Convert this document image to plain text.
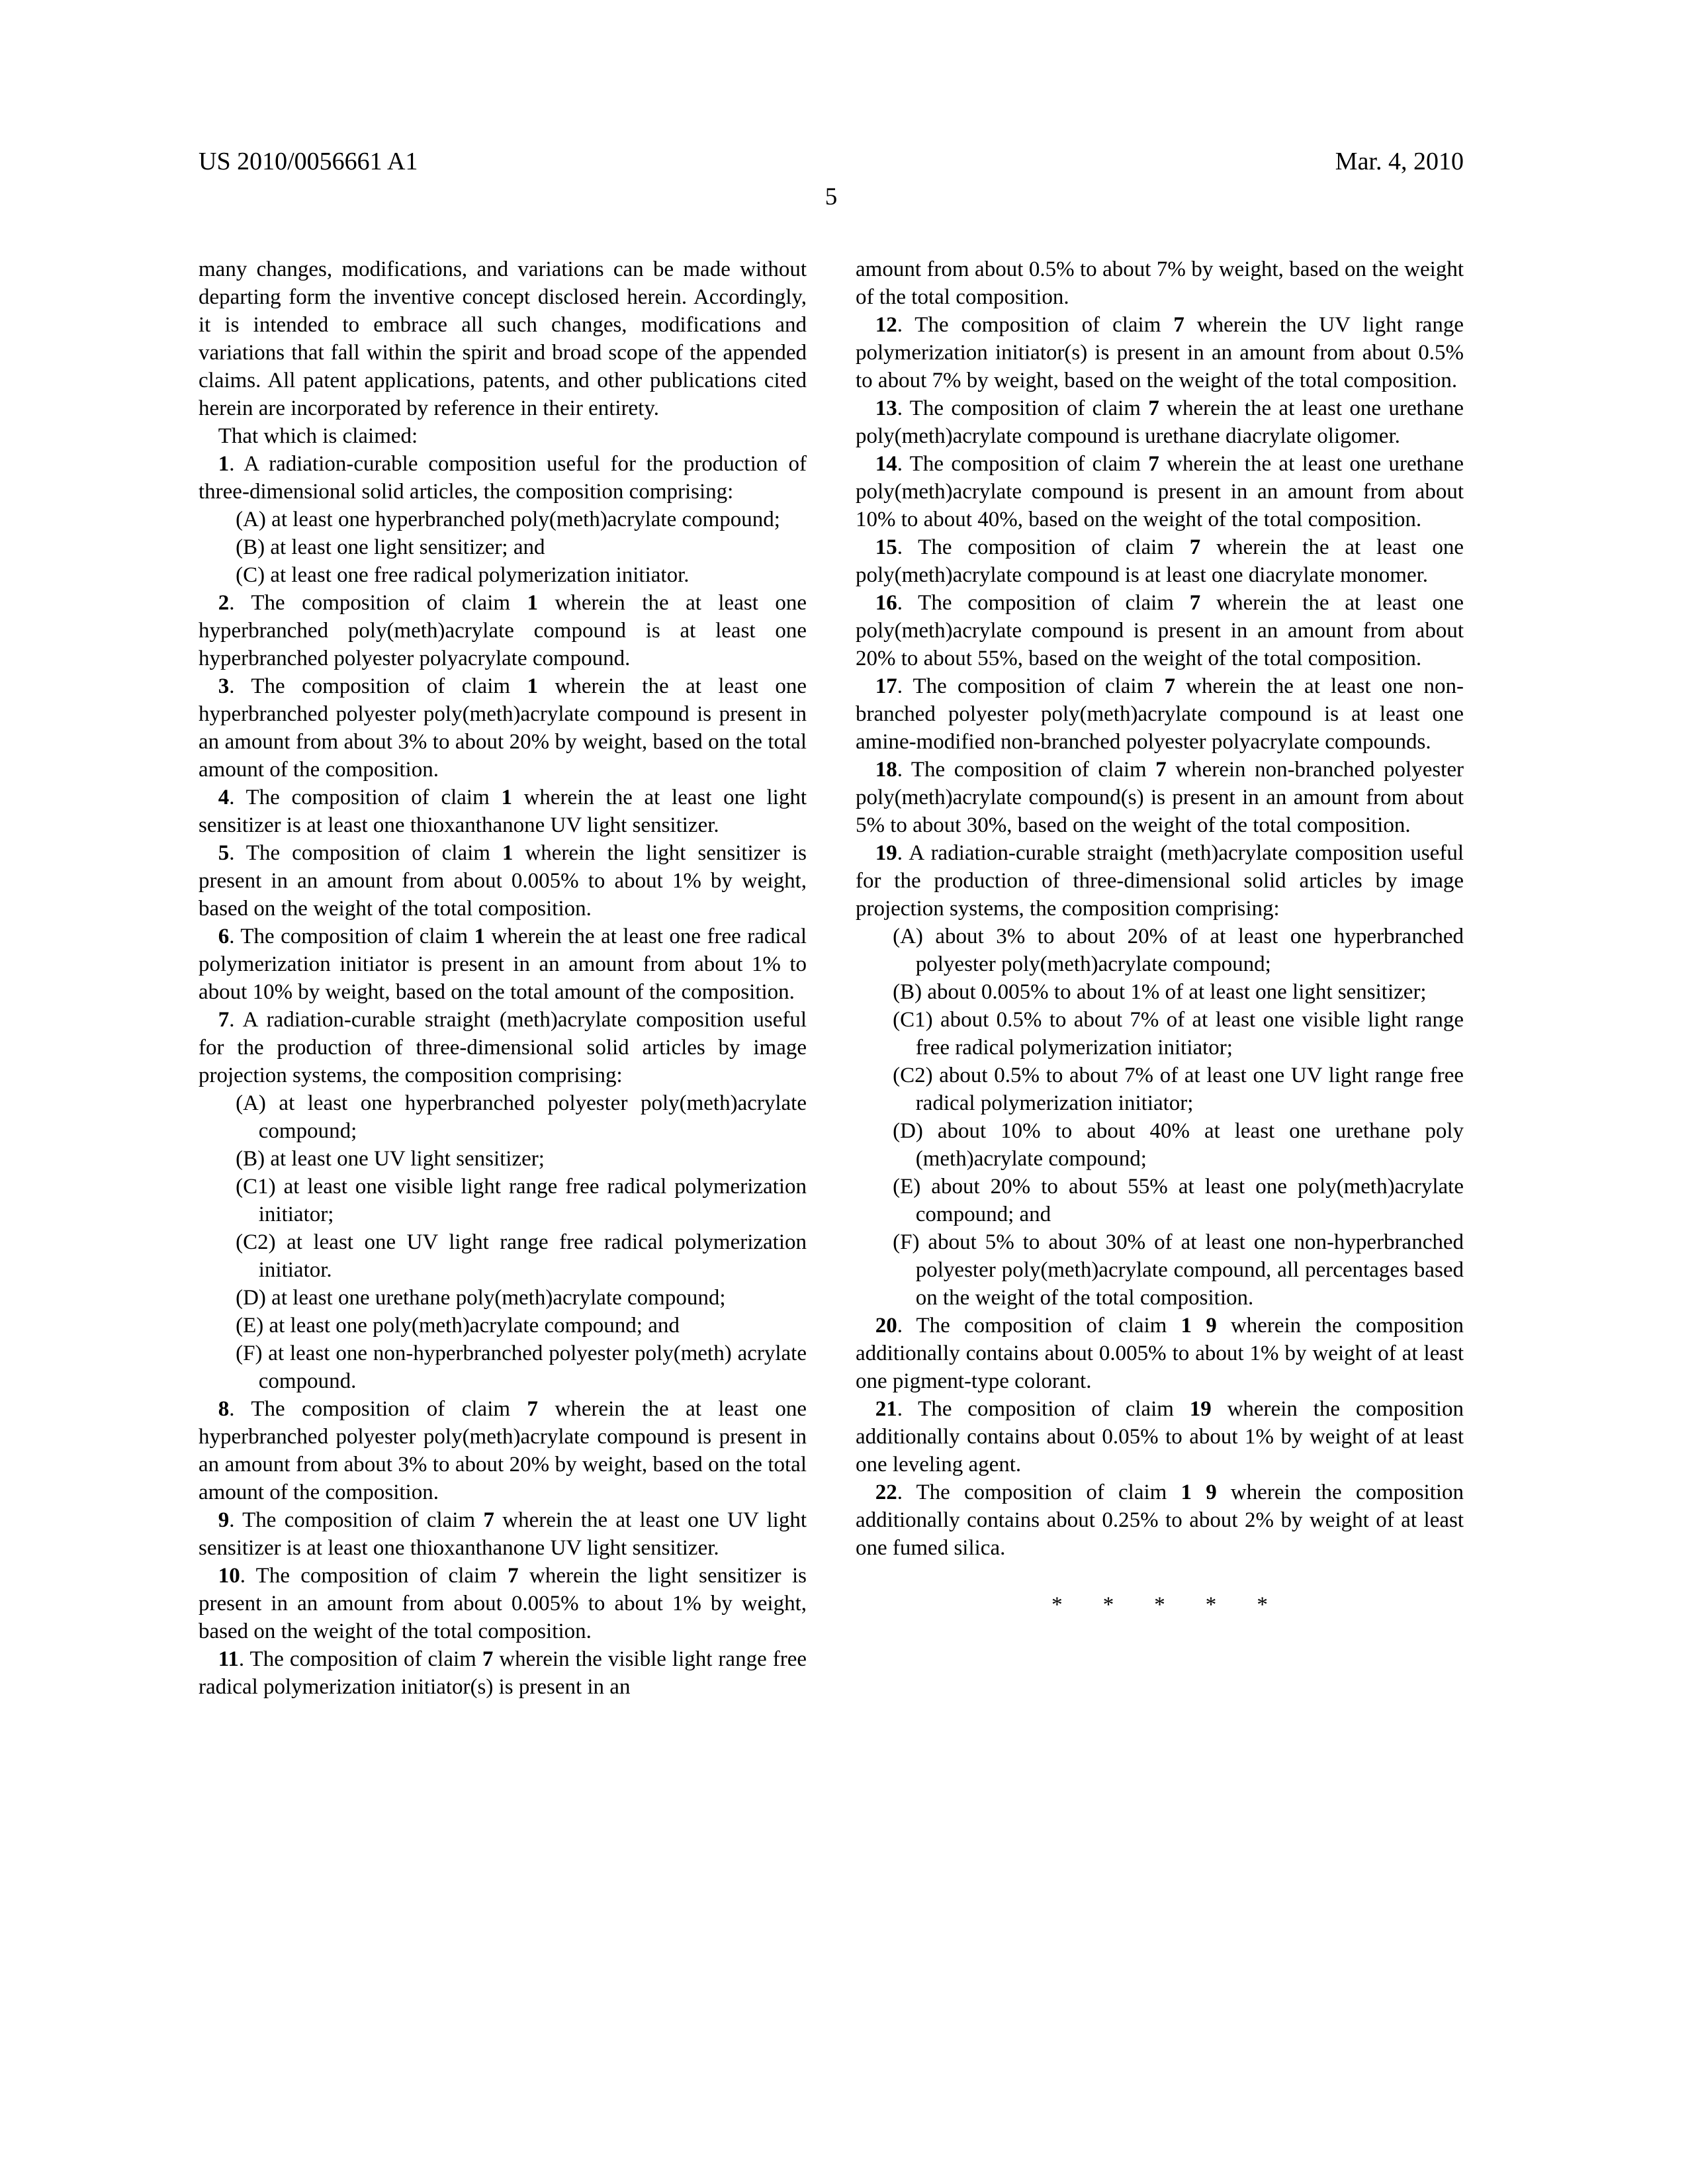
US 2010/0056661 A1	Mar. 4, 2010
5

many changes, modifications, and variations can be made without departing form the inventive concept disclosed herein. Accordingly, it is intended to embrace all such changes, modifications and variations that fall within the spirit and broad scope of the appended claims. All patent applications, patents, and other publications cited herein are incorporated by reference in their entirety.

That which is claimed:

1. A radiation-curable composition useful for the production of three-dimensional solid articles, the composition comprising:

(A) at least one hyperbranched poly(meth)acrylate compound;

(B) at least one light sensitizer; and

(C) at least one free radical polymerization initiator.

2. The composition of claim 1 wherein the at least one hyperbranched poly(meth)acrylate compound is at least one hyperbranched polyester polyacrylate compound.

3. The composition of claim 1 wherein the at least one hyperbranched polyester poly(meth)acrylate compound is present in an amount from about 3% to about 20% by weight, based on the total amount of the composition.

4. The composition of claim 1 wherein the at least one light sensitizer is at least one thioxanthanone UV light sensitizer.

5. The composition of claim 1 wherein the light sensitizer is present in an amount from about 0.005% to about 1% by weight, based on the weight of the total composition.

6. The composition of claim 1 wherein the at least one free radical polymerization initiator is present in an amount from about 1% to about 10% by weight, based on the total amount of the composition.

7. A radiation-curable straight (meth)acrylate composition useful for the production of three-dimensional solid articles by image projection systems, the composition comprising:

(A) at least one hyperbranched polyester poly(meth)acrylate compound;

(B) at least one UV light sensitizer;

(C1) at least one visible light range free radical polymerization initiator;

(C2) at least one UV light range free radical polymerization initiator.

(D) at least one urethane poly(meth)acrylate compound;

(E) at least one poly(meth)acrylate compound; and

(F) at least one non-hyperbranched polyester poly(meth) acrylate compound.

8. The composition of claim 7 wherein the at least one hyperbranched polyester poly(meth)acrylate compound is present in an amount from about 3% to about 20% by weight, based on the total amount of the composition.

9. The composition of claim 7 wherein the at least one UV light sensitizer is at least one thioxanthanone UV light sensitizer.

10. The composition of claim 7 wherein the light sensitizer is present in an amount from about 0.005% to about 1% by weight, based on the weight of the total composition.

11. The composition of claim 7 wherein the visible light range free radical polymerization initiator(s) is present in an

amount from about 0.5% to about 7% by weight, based on the weight of the total composition.

12. The composition of claim 7 wherein the UV light range polymerization initiator(s) is present in an amount from about 0.5% to about 7% by weight, based on the weight of the total composition.

13. The composition of claim 7 wherein the at least one urethane poly(meth)acrylate compound is urethane diacrylate oligomer.

14. The composition of claim 7 wherein the at least one urethane poly(meth)acrylate compound is present in an amount from about 10% to about 40%, based on the weight of the total composition.

15. The composition of claim 7 wherein the at least one poly(meth)acrylate compound is at least one diacrylate monomer.

16. The composition of claim 7 wherein the at least one poly(meth)acrylate compound is present in an amount from about 20% to about 55%, based on the weight of the total composition.

17. The composition of claim 7 wherein the at least one non-branched polyester poly(meth)acrylate compound is at least one amine-modified non-branched polyester polyacrylate compounds.

18. The composition of claim 7 wherein non-branched polyester poly(meth)acrylate compound(s) is present in an amount from about 5% to about 30%, based on the weight of the total composition.

19. A radiation-curable straight (meth)acrylate composition useful for the production of three-dimensional solid articles by image projection systems, the composition comprising:

(A) about 3% to about 20% of at least one hyperbranched polyester poly(meth)acrylate compound;

(B) about 0.005% to about 1% of at least one light sensitizer;

(C1) about 0.5% to about 7% of at least one visible light range free radical polymerization initiator;

(C2) about 0.5% to about 7% of at least one UV light range free radical polymerization initiator;

(D) about 10% to about 40% at least one urethane poly (meth)acrylate compound;

(E) about 20% to about 55% at least one poly(meth)acrylate compound; and

(F) about 5% to about 30% of at least one non-hyperbranched polyester poly(meth)acrylate compound, all percentages based on the weight of the total composition.

20. The composition of claim 1 9 wherein the composition additionally contains about 0.005% to about 1% by weight of at least one pigment-type colorant.

21. The composition of claim 19 wherein the composition additionally contains about 0.05% to about 1% by weight of at least one leveling agent.

22. The composition of claim 1 9 wherein the composition additionally contains about 0.25% to about 2% by weight of at least one fumed silica.

* * * * *
